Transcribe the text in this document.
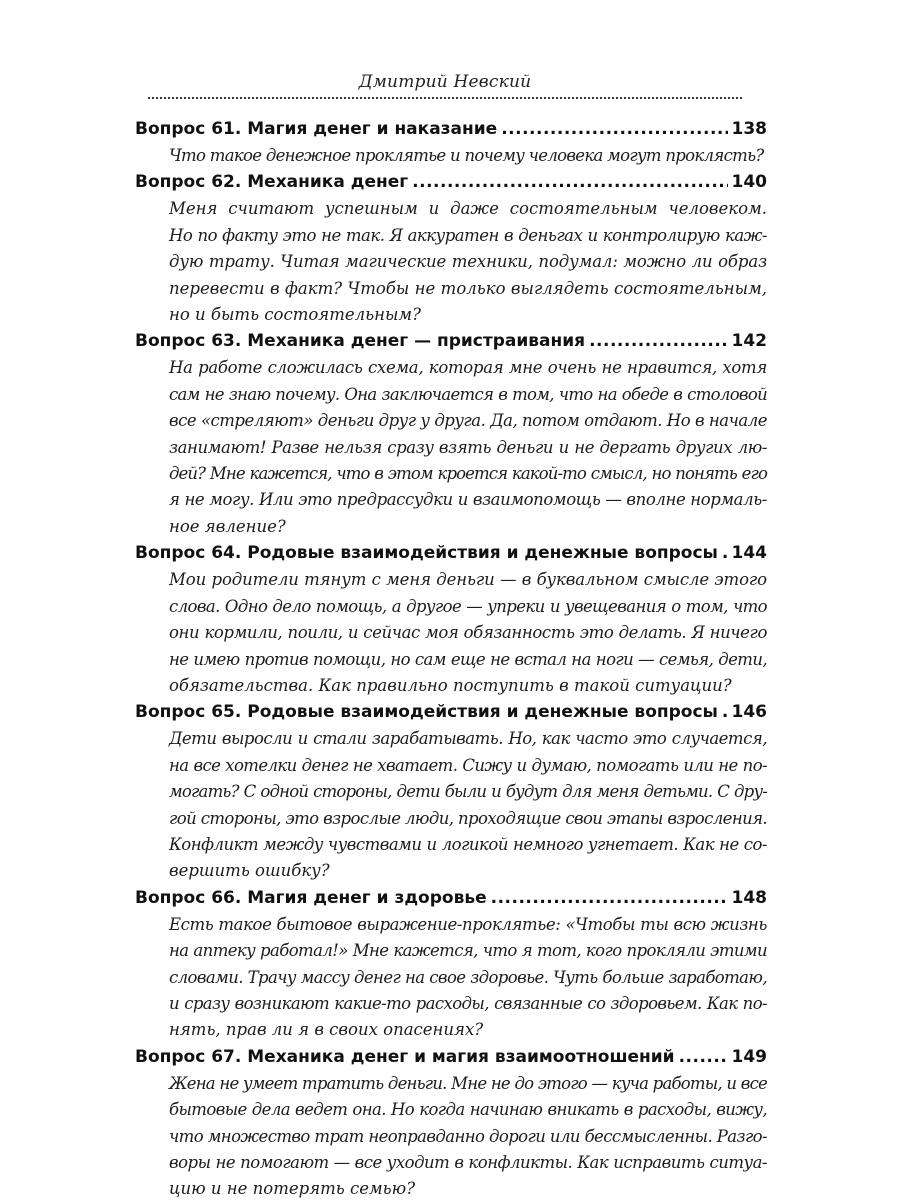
Дмитрий Невский
Вопрос 61. Магия денег и наказание .....	138
Что такое денежное проклятье и почему человека могут проклясть?
Вопрос 62. Механика денег .....	140
Меня считают успешным и даже состоятельным человеком.
Но по факту это не так. Я аккуратен в деньгах и контролирую каж-
дую трату. Читая магические техники, подумал: можно ли образ
перевести в факт? Чтобы не только выглядеть состоятельным,
но и быть состоятельным?
Вопрос 63. Механика денег — пристраивания .....	142
На работе сложилась схема, которая мне очень не нравится, хотя
сам не знаю почему. Она заключается в том, что на обеде в столовой
все «стреляют» деньги друг у друга. Да, потом отдают. Но в начале
занимают! Разве нельзя сразу взять деньги и не дергать других лю-
дей? Мне кажется, что в этом кроется какой-то смысл, но понять его
я не могу. Или это предрассудки и взаимопомощь — вполне нормаль-
ное явление?
Вопрос 64. Родовые взаимодействия и денежные вопросы ..... 144
Мои родители тянут с меня деньги — в буквальном смысле этого
слова. Одно дело помощь, а другое — упреки и увещевания о том, что
они кормили, поили, и сейчас моя обязанность это делать. Я ничего
не имею против помощи, но сам еще не встал на ноги — семья, дети,
обязательства. Как правильно поступить в такой ситуации?
Вопрос 65. Родовые взаимодействия и денежные вопросы ..... 146
Дети выросли и стали зарабатывать. Но, как часто это случается,
на все хотелки денег не хватает. Сижу и думаю, помогать или не по-
могать? С одной стороны, дети были и будут для меня детьми. С дру-
гой стороны, это взрослые люди, проходящие свои этапы взросления.
Конфликт между чувствами и логикой немного угнетает. Как не со-
вершить ошибку?
Вопрос 66. Магия денег и здоровье .....	148
Есть такое бытовое выражение-проклятье: «Чтобы ты всю жизнь
на аптеку работал!» Мне кажется, что я тот, кого прокляли этими
словами. Трачу массу денег на свое здоровье. Чуть больше заработаю,
и сразу возникают какие-то расходы, связанные со здоровьем. Как по-
нять, прав ли я в своих опасениях?
Вопрос 67. Механика денег и магия взаимоотношений .....	149
Жена не умеет тратить деньги. Мне не до этого — куча работы, и все
бытовые дела ведет она. Но когда начинаю вникать в расходы, вижу,
что множество трат неоправданно дороги или бессмысленны. Разго-
воры не помогают — все уходит в конфликты. Как исправить ситуа-
цию и не потерять семью?
